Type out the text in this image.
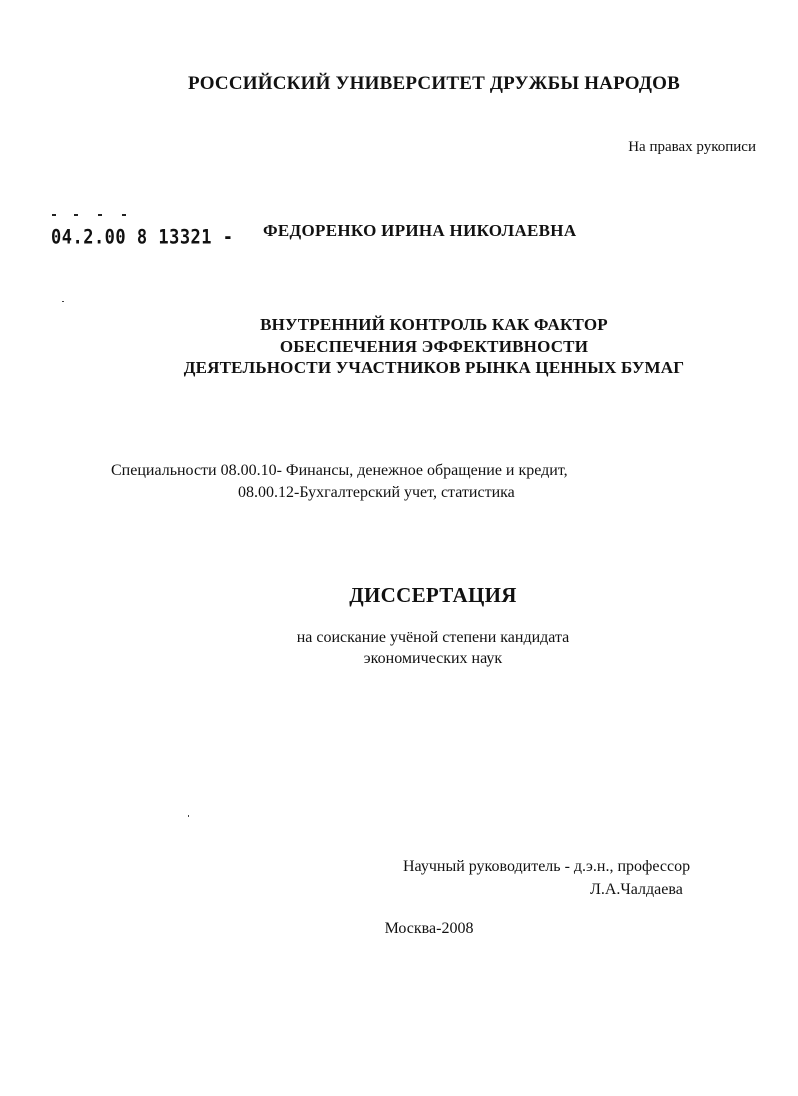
РОССИЙСКИЙ УНИВЕРСИТЕТ ДРУЖБЫ НАРОДОВ
На правах рукописи
04.2.00 8 13321 - ФЕДОРЕНКО ИРИНА НИКОЛАЕВНА
ВНУТРЕННИЙ КОНТРОЛЬ КАК ФАКТОР
ОБЕСПЕЧЕНИЯ ЭФФЕКТИВНОСТИ
ДЕЯТЕЛЬНОСТИ УЧАСТНИКОВ РЫНКА ЦЕННЫХ БУМАГ
Специальности 08.00.10- Финансы, денежное обращение и кредит,
08.00.12-Бухгалтерский учет, статистика
ДИССЕРТАЦИЯ
на соискание учёной степени кандидата
экономических наук
Научный руководитель - д.э.н., профессор
Л.А.Чалдаева
Москва-2008
